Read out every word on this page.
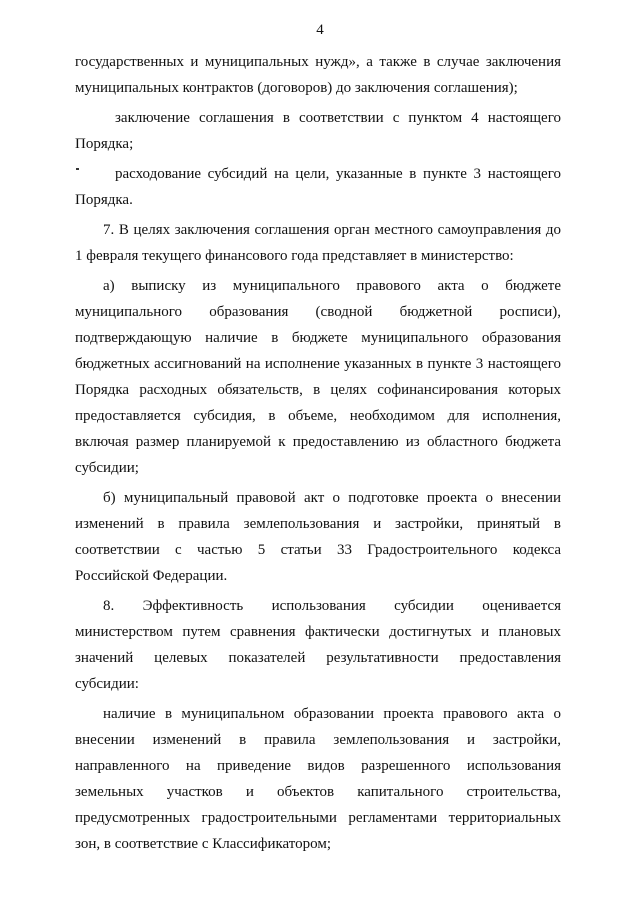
4
государственных и муниципальных нужд», а также в случае заключения
муниципальных контрактов (договоров) до заключения соглашения);
заключение соглашения в соответствии с пунктом 4 настоящего
Порядка;
расходование субсидий на цели, указанные в пункте 3 настоящего
Порядка.
7. В целях заключения соглашения орган местного самоуправления до
1 февраля текущего финансового года представляет в министерство:
а) выписку из муниципального правового акта о бюджете
муниципального образования (сводной бюджетной росписи),
подтверждающую наличие в бюджете муниципального образования
бюджетных ассигнований на исполнение указанных в пункте 3 настоящего
Порядка расходных обязательств, в целях софинансирования которых
предоставляется субсидия, в объеме, необходимом для исполнения,
включая размер планируемой к предоставлению из областного бюджета
субсидии;
б) муниципальный правовой акт о подготовке проекта о внесении
изменений в правила землепользования и застройки, принятый в
соответствии с частью 5 статьи 33 Градостроительного кодекса
Российской Федерации.
8. Эффективность использования субсидии оценивается
министерством путем сравнения фактически достигнутых и плановых
значений целевых показателей результативности предоставления
субсидии:
наличие в муниципальном образовании проекта правового акта о
внесении изменений в правила землепользования и застройки,
направленного на приведение видов разрешенного использования
земельных участков и объектов капитального строительства,
предусмотренных градостроительными регламентами территориальных
зон, в соответствие с Классификатором;
